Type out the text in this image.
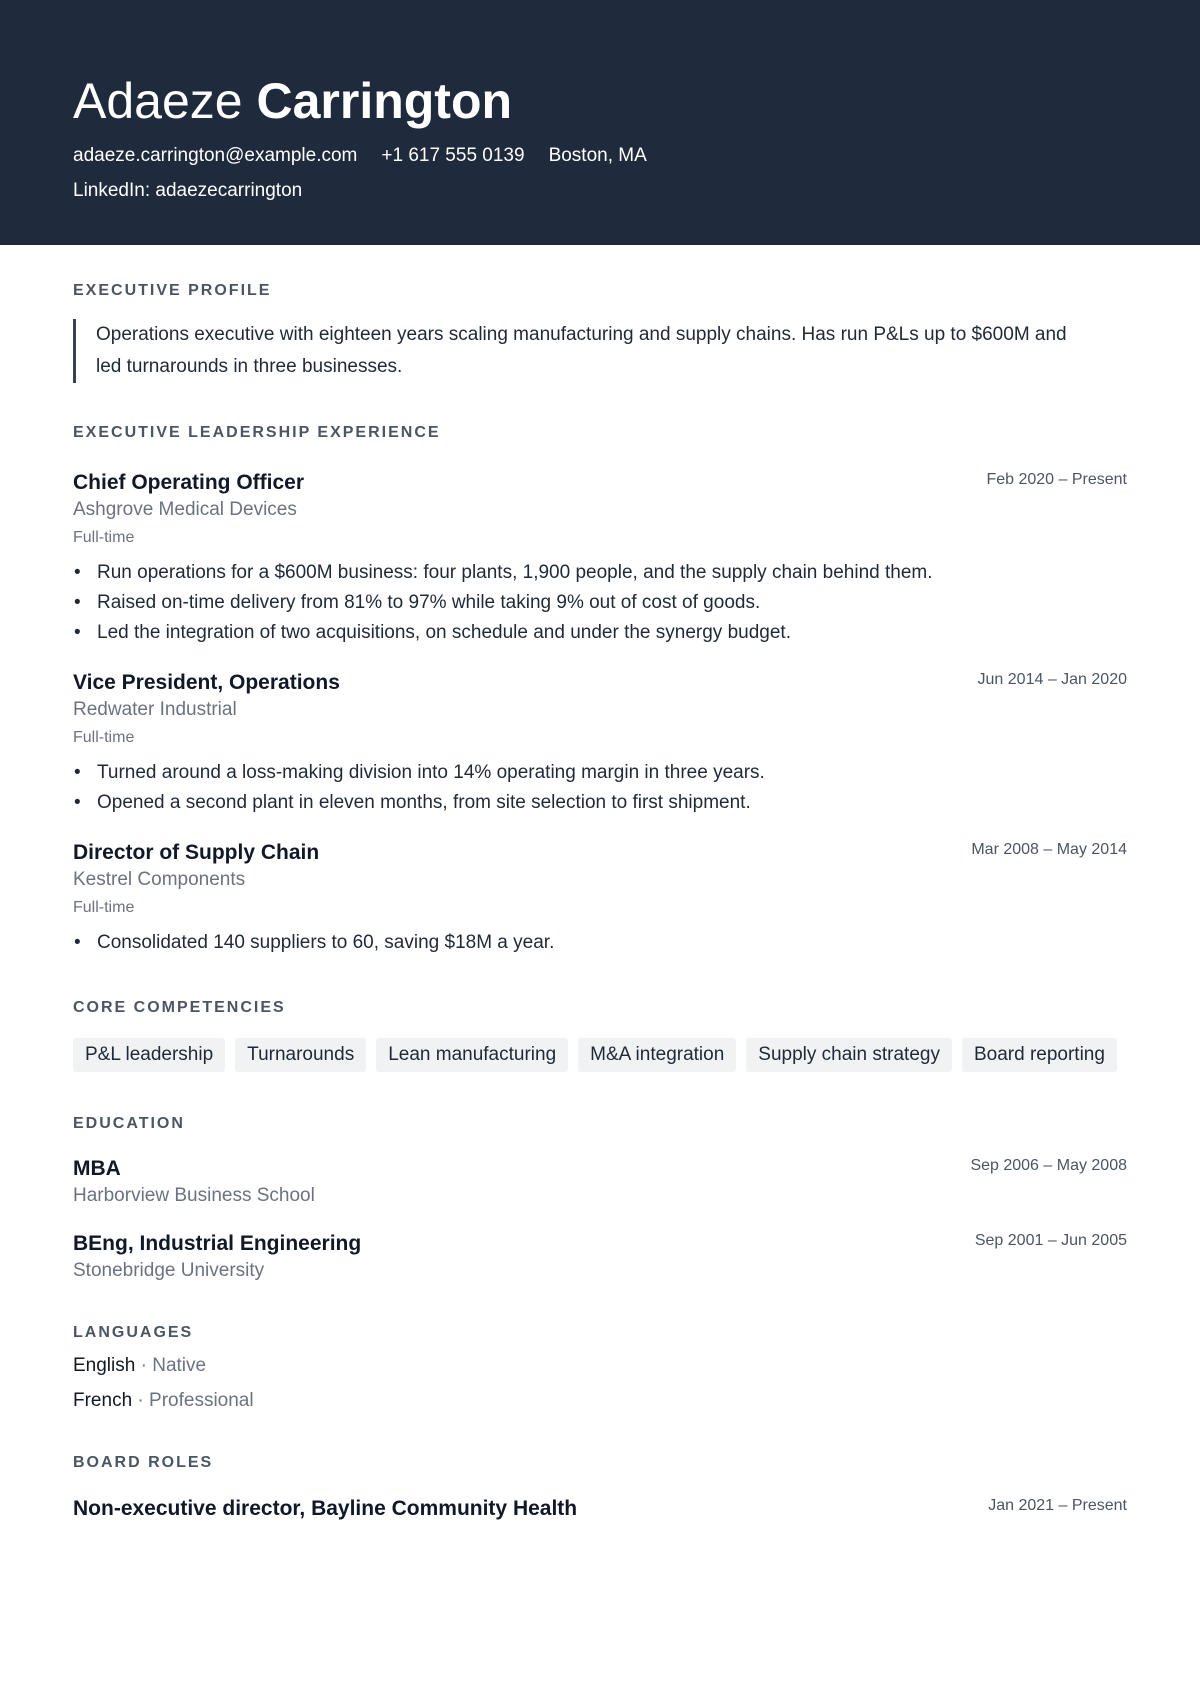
Adaeze Carrington
adaeze.carrington@example.com +1 617 555 0139 Boston, MA
LinkedIn: adaezecarrington
EXECUTIVE PROFILE
Operations executive with eighteen years scaling manufacturing and supply chains. Has run P&Ls up to $600M and led turnarounds in three businesses.
EXECUTIVE LEADERSHIP EXPERIENCE
Chief Operating Officer	Feb 2020 – Present
Ashgrove Medical Devices
Full-time
• Run operations for a $600M business: four plants, 1,900 people, and the supply chain behind them.
• Raised on-time delivery from 81% to 97% while taking 9% out of cost of goods.
• Led the integration of two acquisitions, on schedule and under the synergy budget.
Vice President, Operations	Jun 2014 – Jan 2020
Redwater Industrial
Full-time
• Turned around a loss-making division into 14% operating margin in three years.
• Opened a second plant in eleven months, from site selection to first shipment.
Director of Supply Chain	Mar 2008 – May 2014
Kestrel Components
Full-time
• Consolidated 140 suppliers to 60, saving $18M a year.
CORE COMPETENCIES
P&L leadership Turnarounds Lean manufacturing M&A integration Supply chain strategy Board reporting
EDUCATION
MBA	Sep 2006 – May 2008
Harborview Business School
BEng, Industrial Engineering	Sep 2001 – Jun 2005
Stonebridge University
LANGUAGES
English · Native
French · Professional
BOARD ROLES
Non-executive director, Bayline Community Health	Jan 2021 – Present
